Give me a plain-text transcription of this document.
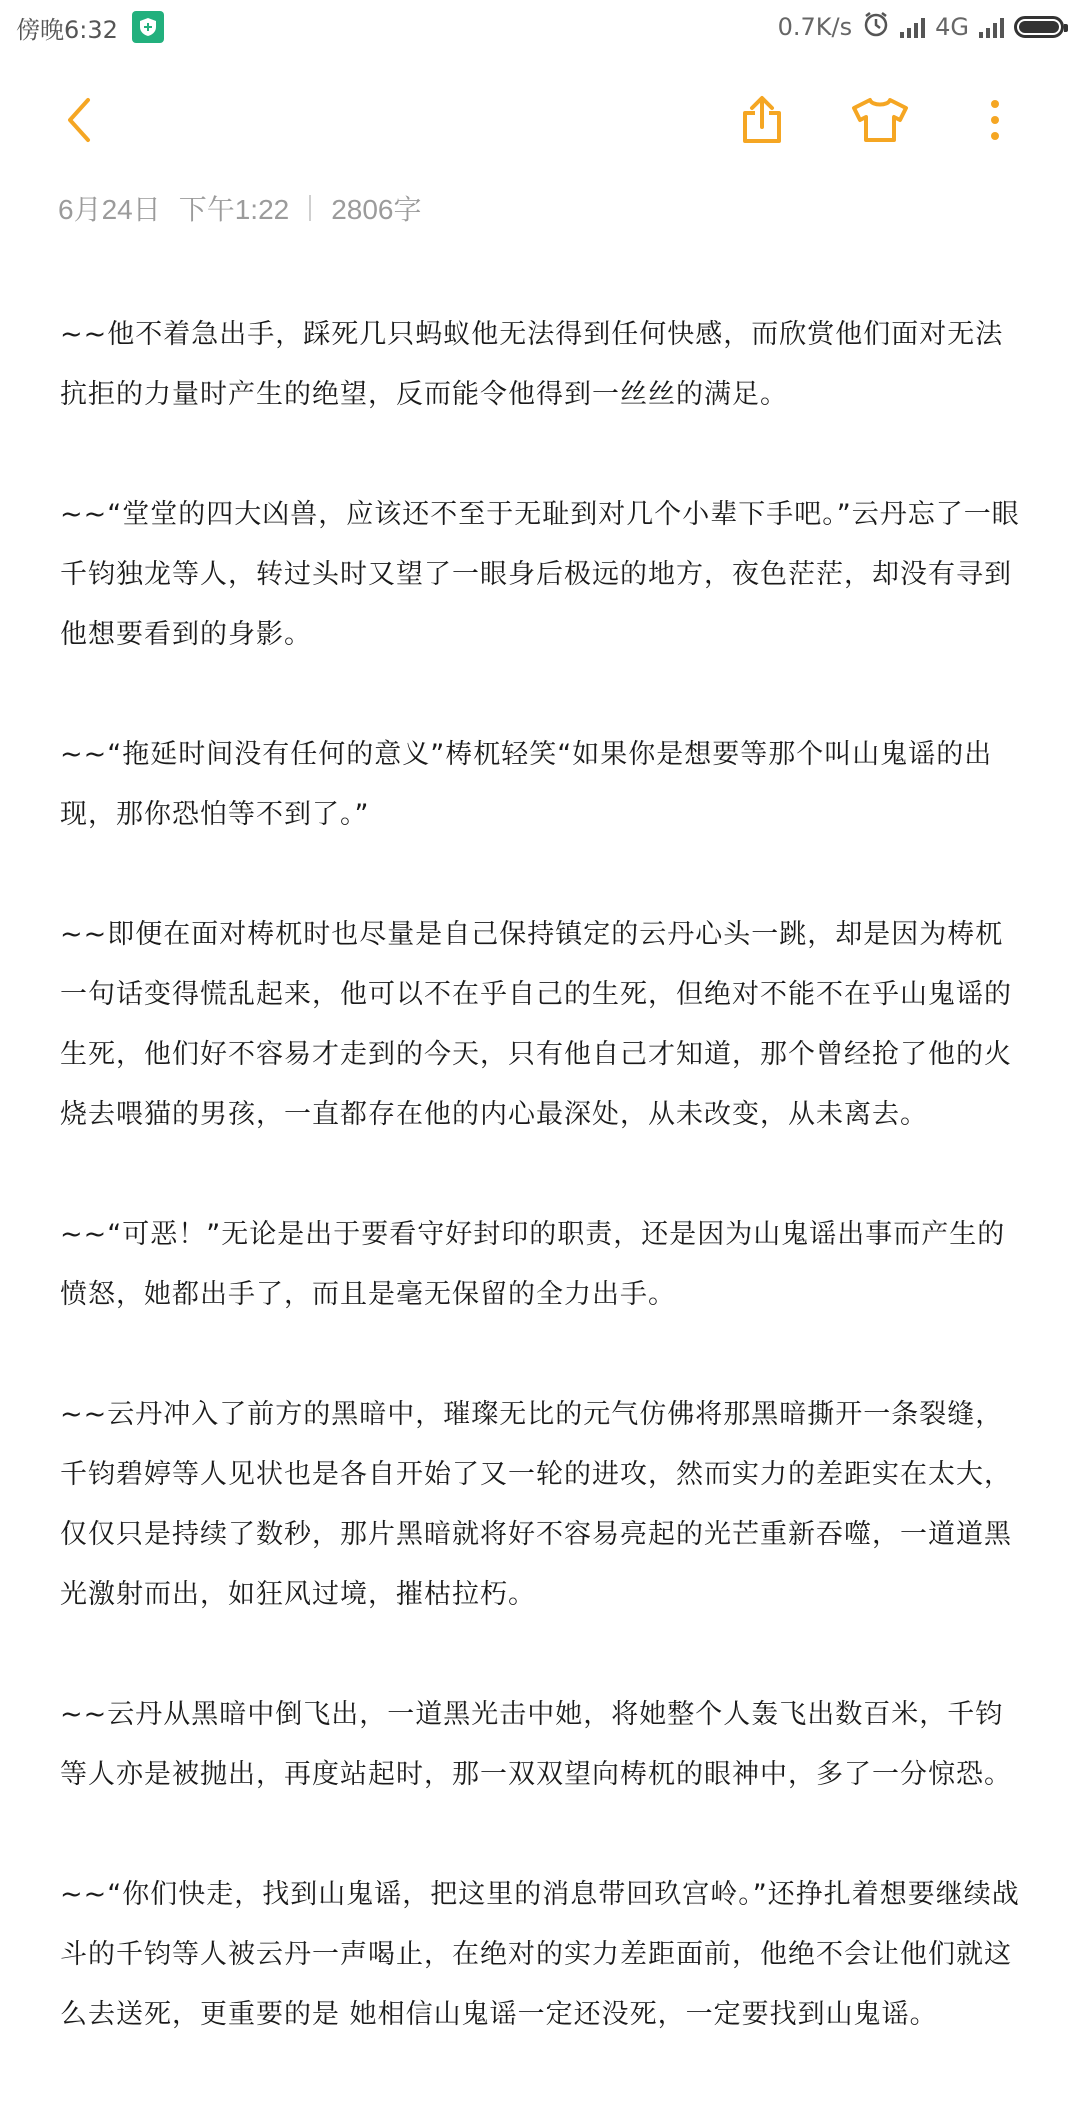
傍晚6:32	0.7K/s	4G
6月24日 下午1:22 2806字

~~他不着急出手，踩死几只蚂蚁他无法得到任何快感，而欣赏他们面对无法抗拒的力量时产生的绝望，反而能令他得到一丝丝的满足。

~~“堂堂的四大凶兽，应该还不至于无耻到对几个小辈下手吧。”云丹忘了一眼千钧独龙等人，转过头时又望了一眼身后极远的地方，夜色茫茫，却没有寻到他想要看到的身影。

~~“拖延时间没有任何的意义”梼杌轻笑“如果你是想要等那个叫山鬼谣的出现，那你恐怕等不到了。”

~~即便在面对梼杌时也尽量是自己保持镇定的云丹心头一跳，却是因为梼杌一句话变得慌乱起来，他可以不在乎自己的生死，但绝对不能不在乎山鬼谣的生死，他们好不容易才走到的今天，只有他自己才知道，那个曾经抢了他的火烧去喂猫的男孩，一直都存在他的内心最深处，从未改变，从未离去。

~~“可恶！”无论是出于要看守好封印的职责，还是因为山鬼谣出事而产生的愤怒，她都出手了，而且是毫无保留的全力出手。

~~云丹冲入了前方的黑暗中，璀璨无比的元气仿佛将那黑暗撕开一条裂缝，千钧碧婷等人见状也是各自开始了又一轮的进攻，然而实力的差距实在太大，仅仅只是持续了数秒，那片黑暗就将好不容易亮起的光芒重新吞噬，一道道黑光激射而出，如狂风过境，摧枯拉朽。

~~云丹从黑暗中倒飞出，一道黑光击中她，将她整个人轰飞出数百米，千钧等人亦是被抛出，再度站起时，那一双双望向梼杌的眼神中，多了一分惊恐。

~~“你们快走，找到山鬼谣，把这里的消息带回玖宫岭。”还挣扎着想要继续战斗的千钧等人被云丹一声喝止，在绝对的实力差距面前，他绝不会让他们就这么去送死，更重要的是 她相信山鬼谣一定还没死，一定要找到山鬼谣。
